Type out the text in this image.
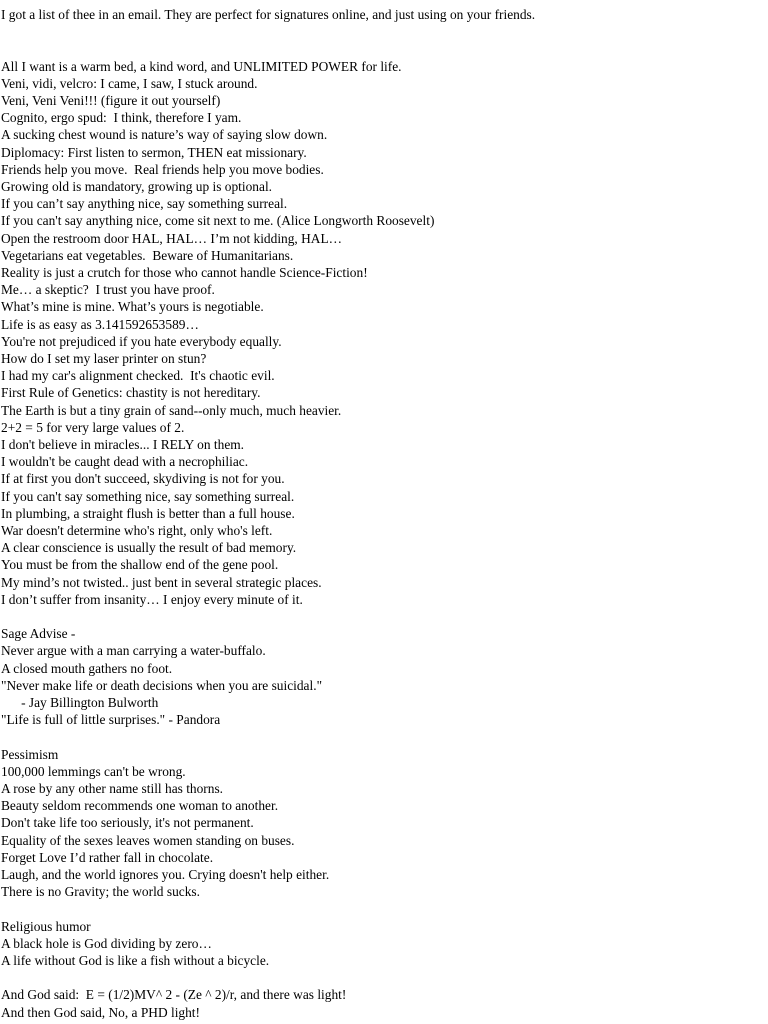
I got a list of thee in an email. They are perfect for signatures online, and just using on your friends.
All I want is a warm bed, a kind word, and UNLIMITED POWER for life.
Veni, vidi, velcro: I came, I saw, I stuck around.
Veni, Veni Veni!!! (figure it out yourself)
Cognito, ergo spud:  I think, therefore I yam.
A sucking chest wound is nature’s way of saying slow down.
Diplomacy: First listen to sermon, THEN eat missionary.
Friends help you move.  Real friends help you move bodies.
Growing old is mandatory, growing up is optional.
If you can’t say anything nice, say something surreal.
If you can't say anything nice, come sit next to me. (Alice Longworth Roosevelt)
Open the restroom door HAL, HAL… I’m not kidding, HAL…
Vegetarians eat vegetables.  Beware of Humanitarians.
Reality is just a crutch for those who cannot handle Science-Fiction!
Me… a skeptic?  I trust you have proof.
What’s mine is mine. What’s yours is negotiable.
Life is as easy as 3.141592653589…
You're not prejudiced if you hate everybody equally.
How do I set my laser printer on stun?
I had my car's alignment checked.  It's chaotic evil.
First Rule of Genetics: chastity is not hereditary.
The Earth is but a tiny grain of sand--only much, much heavier.
2+2 = 5 for very large values of 2.
I don't believe in miracles... I RELY on them.
I wouldn't be caught dead with a necrophiliac.
If at first you don't succeed, skydiving is not for you.
If you can't say something nice, say something surreal.
In plumbing, a straight flush is better than a full house.
War doesn't determine who's right, only who's left.
A clear conscience is usually the result of bad memory.
You must be from the shallow end of the gene pool.
My mind’s not twisted.. just bent in several strategic places.
I don’t suffer from insanity… I enjoy every minute of it.
Sage Advise -
Never argue with a man carrying a water-buffalo.
A closed mouth gathers no foot.
"Never make life or death decisions when you are suicidal."
- Jay Billington Bulworth
"Life is full of little surprises." - Pandora
Pessimism
100,000 lemmings can't be wrong.
A rose by any other name still has thorns.
Beauty seldom recommends one woman to another.
Don't take life too seriously, it's not permanent.
Equality of the sexes leaves women standing on buses.
Forget Love I’d rather fall in chocolate.
Laugh, and the world ignores you. Crying doesn't help either.
There is no Gravity; the world sucks.
Religious humor
A black hole is God dividing by zero…
A life without God is like a fish without a bicycle.
And God said:  E = (1/2)MV^ 2 - (Ze ^ 2)/r, and there was light!
And then God said, No, a PHD light!
